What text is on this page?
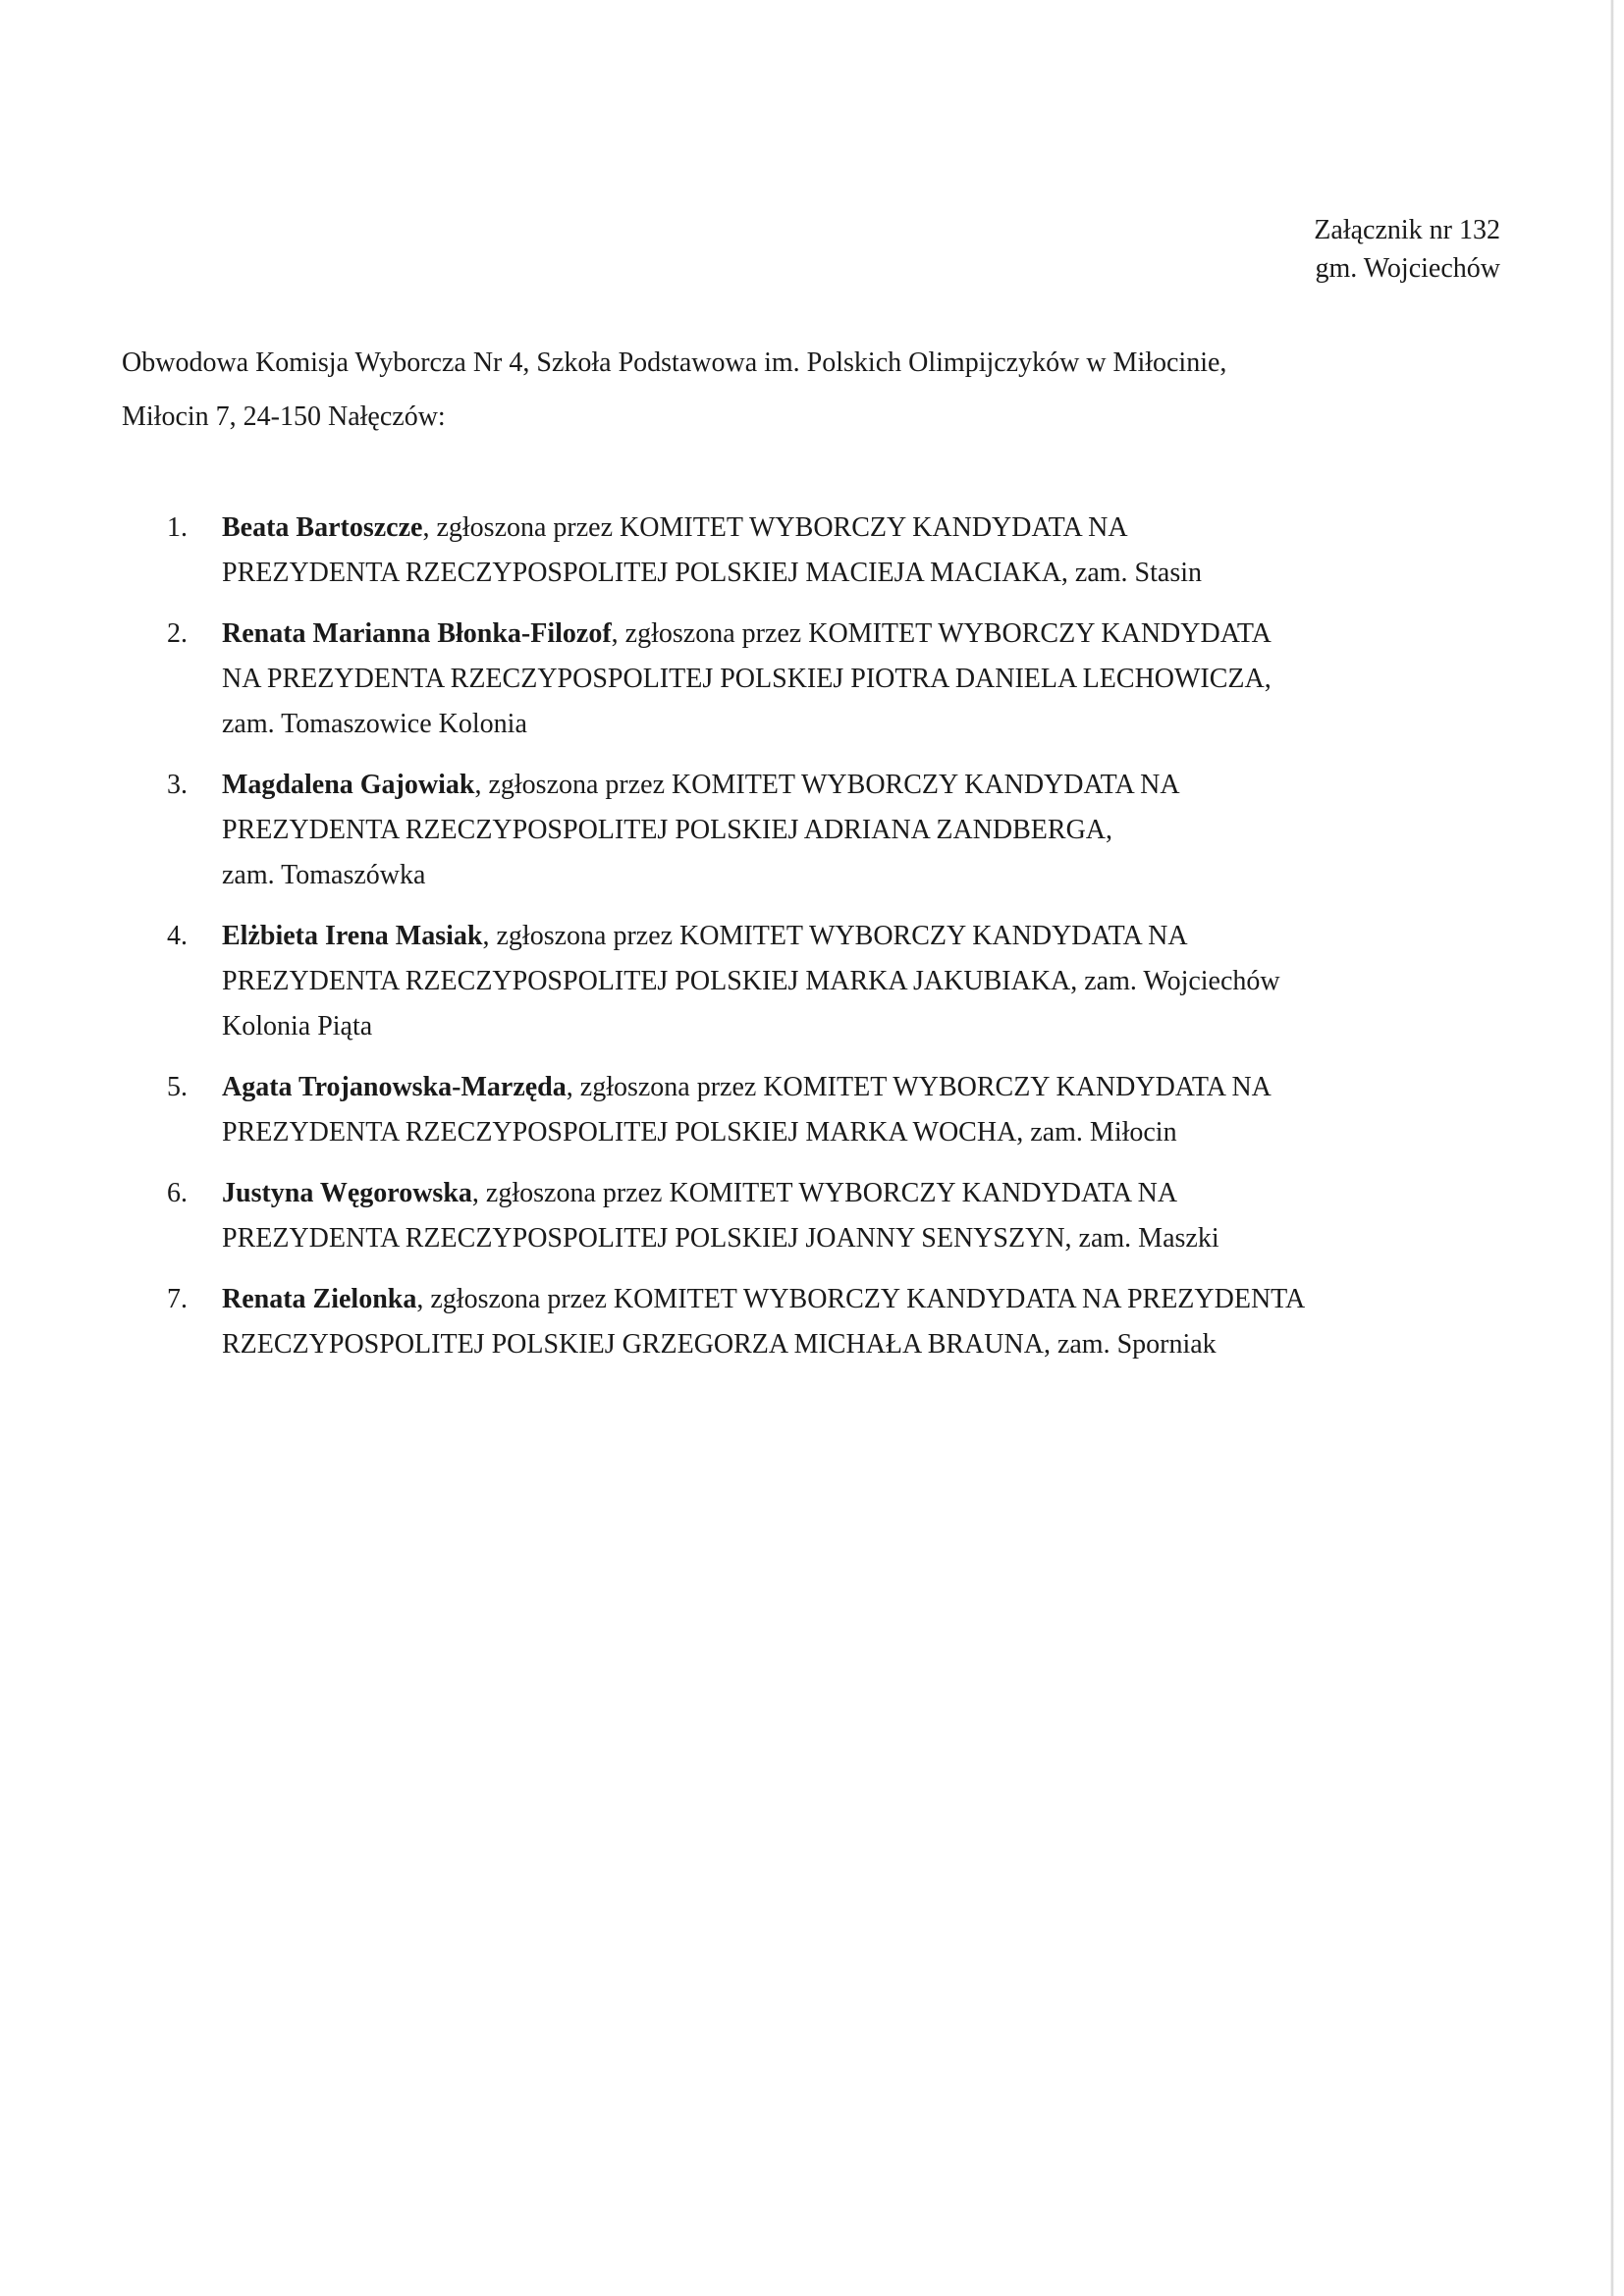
Załącznik nr 132
gm. Wojciechów
Obwodowa Komisja Wyborcza Nr 4, Szkoła Podstawowa im. Polskich Olimpijczyków w Miłocinie,
Miłocin 7, 24-150 Nałęczów:
1.	Beata Bartoszcze, zgłoszona przez KOMITET WYBORCZY KANDYDATA NA
PREZYDENTA RZECZYPOSPOLITEJ POLSKIEJ MACIEJA MACIAKA, zam. Stasin
2.	Renata Marianna Błonka-Filozof, zgłoszona przez KOMITET WYBORCZY KANDYDATA
NA PREZYDENTA RZECZYPOSPOLITEJ POLSKIEJ PIOTRA DANIELA LECHOWICZA,
zam. Tomaszowice Kolonia
3.	Magdalena Gajowiak, zgłoszona przez KOMITET WYBORCZY KANDYDATA NA
PREZYDENTA RZECZYPOSPOLITEJ POLSKIEJ ADRIANA ZANDBERGA,
zam. Tomaszówka
4.	Elżbieta Irena Masiak, zgłoszona przez KOMITET WYBORCZY KANDYDATA NA
PREZYDENTA RZECZYPOSPOLITEJ POLSKIEJ MARKA JAKUBIAKA, zam. Wojciechów
Kolonia Piąta
5.	Agata Trojanowska-Marzęda, zgłoszona przez KOMITET WYBORCZY KANDYDATA NA
PREZYDENTA RZECZYPOSPOLITEJ POLSKIEJ MARKA WOCHA, zam. Miłocin
6.	Justyna Węgorowska, zgłoszona przez KOMITET WYBORCZY KANDYDATA NA
PREZYDENTA RZECZYPOSPOLITEJ POLSKIEJ JOANNY SENYSZYN, zam. Maszki
7.	Renata Zielonka, zgłoszona przez KOMITET WYBORCZY KANDYDATA NA PREZYDENTA
RZECZYPOSPOLITEJ POLSKIEJ GRZEGORZA MICHAŁA BRAUNA, zam. Sporniak
